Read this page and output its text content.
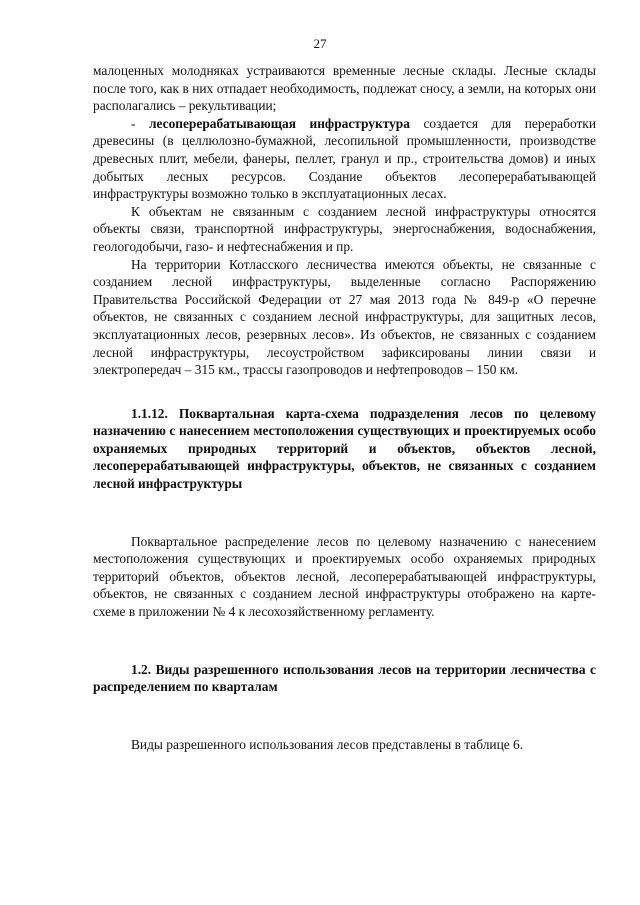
27

малоценных молодняках устраиваются временные лесные склады. Лесные склады после того, как в них отпадает необходимость, подлежат сносу, а земли, на которых они располагались – рекультивации;

- лесоперерабатывающая инфраструктура создается для переработки древесины (в целлюлозно-бумажной, лесопильной промышленности, производстве древесных плит, мебели, фанеры, пеллет, гранул и пр., строительства домов) и иных добытых лесных ресурсов. Создание объектов лесоперерабатывающей инфраструктуры возможно только в эксплуатационных лесах.

К объектам не связанным с созданием лесной инфраструктуры относятся объекты связи, транспортной инфраструктуры, энергоснабжения, водоснабжения, геологодобычи, газо- и нефтеснабжения и пр.

На территории Котласского лесничества имеются объекты, не связанные с созданием лесной инфраструктуры, выделенные согласно Распоряжению Правительства Российской Федерации от 27 мая 2013 года № 849-р «О перечне объектов, не связанных с созданием лесной инфраструктуры, для защитных лесов, эксплуатационных лесов, резервных лесов». Из объектов, не связанных с созданием лесной инфраструктуры, лесоустройством зафиксированы линии связи и электропередач – 315 км., трассы газопроводов и нефтепроводов – 150 км.

1.1.12. Поквартальная карта-схема подразделения лесов по целевому назначению с нанесением местоположения существующих и проектируемых особо охраняемых природных территорий и объектов, объектов лесной, лесоперерабатывающей инфраструктуры, объектов, не связанных с созданием лесной инфраструктуры

Поквартальное распределение лесов по целевому назначению с нанесением местоположения существующих и проектируемых особо охраняемых природных территорий объектов, объектов лесной, лесоперерабатывающей инфраструктуры, объектов, не связанных с созданием лесной инфраструктуры отображено на карте-схеме в приложении № 4 к лесохозяйственному регламенту.

1.2. Виды разрешенного использования лесов на территории лесничества с распределением по кварталам

Виды разрешенного использования лесов представлены в таблице 6.
